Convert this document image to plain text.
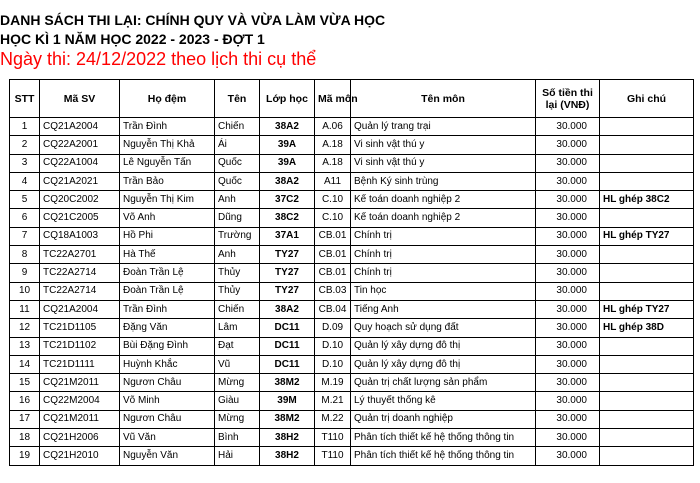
DANH SÁCH THI LẠI: CHÍNH QUY VÀ VỪA LÀM VỪA HỌC
HỌC KÌ 1 NĂM HỌC 2022 - 2023 - ĐỢT 1
Ngày thi: 24/12/2022 theo lịch thi cụ thể
STT	Mã SV	Họ đệm	Tên	Lớp học	Mã môn	Tên môn	Số tiền thi lại (VNĐ)	Ghi chú
1	CQ21A2004	Trần Đình	Chiến	38A2	A.06	Quản lý trang trại	30.000	
2	CQ22A2001	Nguyễn Thị Khả	Ái	39A	A.18	Vi sinh vật thú y	30.000	
3	CQ22A1004	Lê Nguyễn Tấn	Quốc	39A	A.18	Vi sinh vật thú y	30.000	
4	CQ21A2021	Trần Bảo	Quốc	38A2	A11	Bệnh Ký sinh trùng	30.000	
5	CQ20C2002	Nguyễn Thị Kim	Anh	37C2	C.10	Kế toán doanh nghiệp 2	30.000	HL ghép 38C2
6	CQ21C2005	Võ Anh	Dũng	38C2	C.10	Kế toán doanh nghiệp 2	30.000	
7	CQ18A1003	Hồ Phi	Trường	37A1	CB.01	Chính trị	30.000	HL ghép TY27
8	TC22A2701	Hà Thế	Anh	TY27	CB.01	Chính trị	30.000	
9	TC22A2714	Đoàn Trần Lệ	Thủy	TY27	CB.01	Chính trị	30.000	
10	TC22A2714	Đoàn Trần Lệ	Thủy	TY27	CB.03	Tin học	30.000	
11	CQ21A2004	Trần Đình	Chiến	38A2	CB.04	Tiếng Anh	30.000	HL ghép TY27
12	TC21D1105	Đặng Văn	Lâm	DC11	D.09	Quy hoạch sử dụng đất	30.000	HL ghép 38D
13	TC21D1102	Bùi Đặng Đình	Đạt	DC11	D.10	Quản lý xây dựng đô thị	30.000	
14	TC21D1111	Huỳnh Khắc	Vũ	DC11	D.10	Quản lý xây dựng đô thị	30.000	
15	CQ21M2011	Ngươn Châu	Mừng	38M2	M.19	Quản trị chất lượng sản phẩm	30.000	
16	CQ22M2004	Võ Minh	Giàu	39M	M.21	Lý thuyết thống kê	30.000	
17	CQ21M2011	Ngươn Châu	Mừng	38M2	M.22	Quản trị doanh nghiệp	30.000	
18	CQ21H2006	Vũ Văn	Bình	38H2	T110	Phân tích thiết kế hệ thống thông tin	30.000	
19	CQ21H2010	Nguyễn Văn	Hải	38H2	T110	Phân tích thiết kế hệ thống thông tin	30.000	
